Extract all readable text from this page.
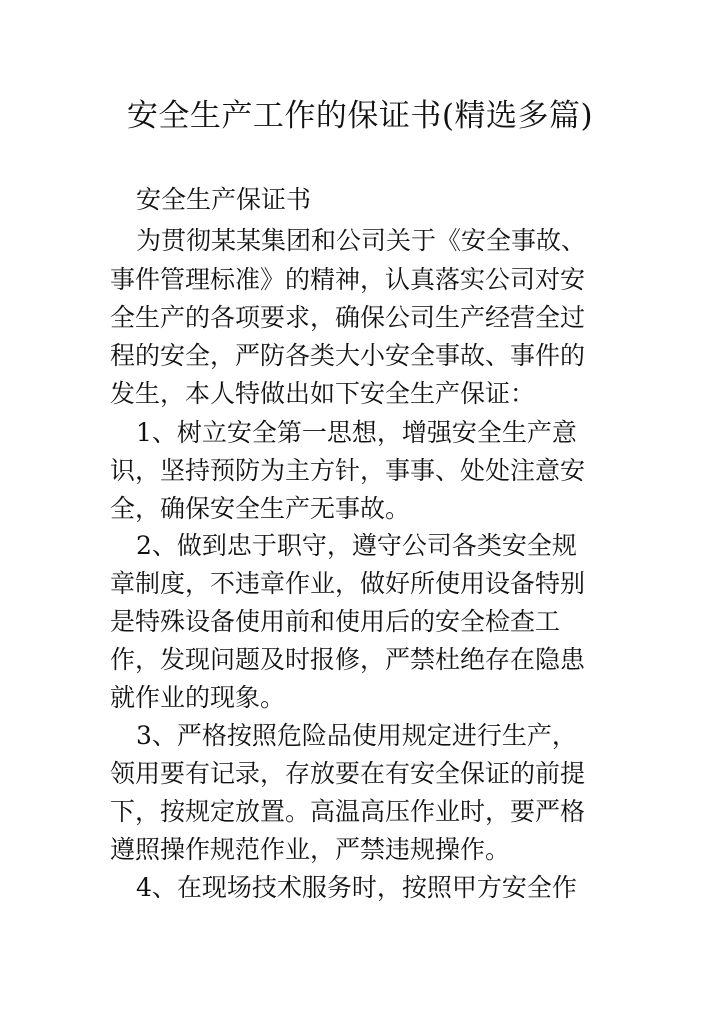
安全生产工作的保证书(精选多篇)
安全生产保证书
为贯彻某某集团和公司关于《安全事故、
事件管理标准》的精神，认真落实公司对安
全生产的各项要求，确保公司生产经营全过
程的安全，严防各类大小安全事故、事件的
发生，本人特做出如下安全生产保证：
1、树立安全第一思想，增强安全生产意
识，坚持预防为主方针，事事、处处注意安
全，确保安全生产无事故。
2、做到忠于职守，遵守公司各类安全规
章制度，不违章作业，做好所使用设备特别
是特殊设备使用前和使用后的安全检查工
作，发现问题及时报修，严禁杜绝存在隐患
就作业的现象。
3、严格按照危险品使用规定进行生产，
领用要有记录，存放要在有安全保证的前提
下，按规定放置。高温高压作业时，要严格
遵照操作规范作业，严禁违规操作。
4、在现场技术服务时，按照甲方安全作
